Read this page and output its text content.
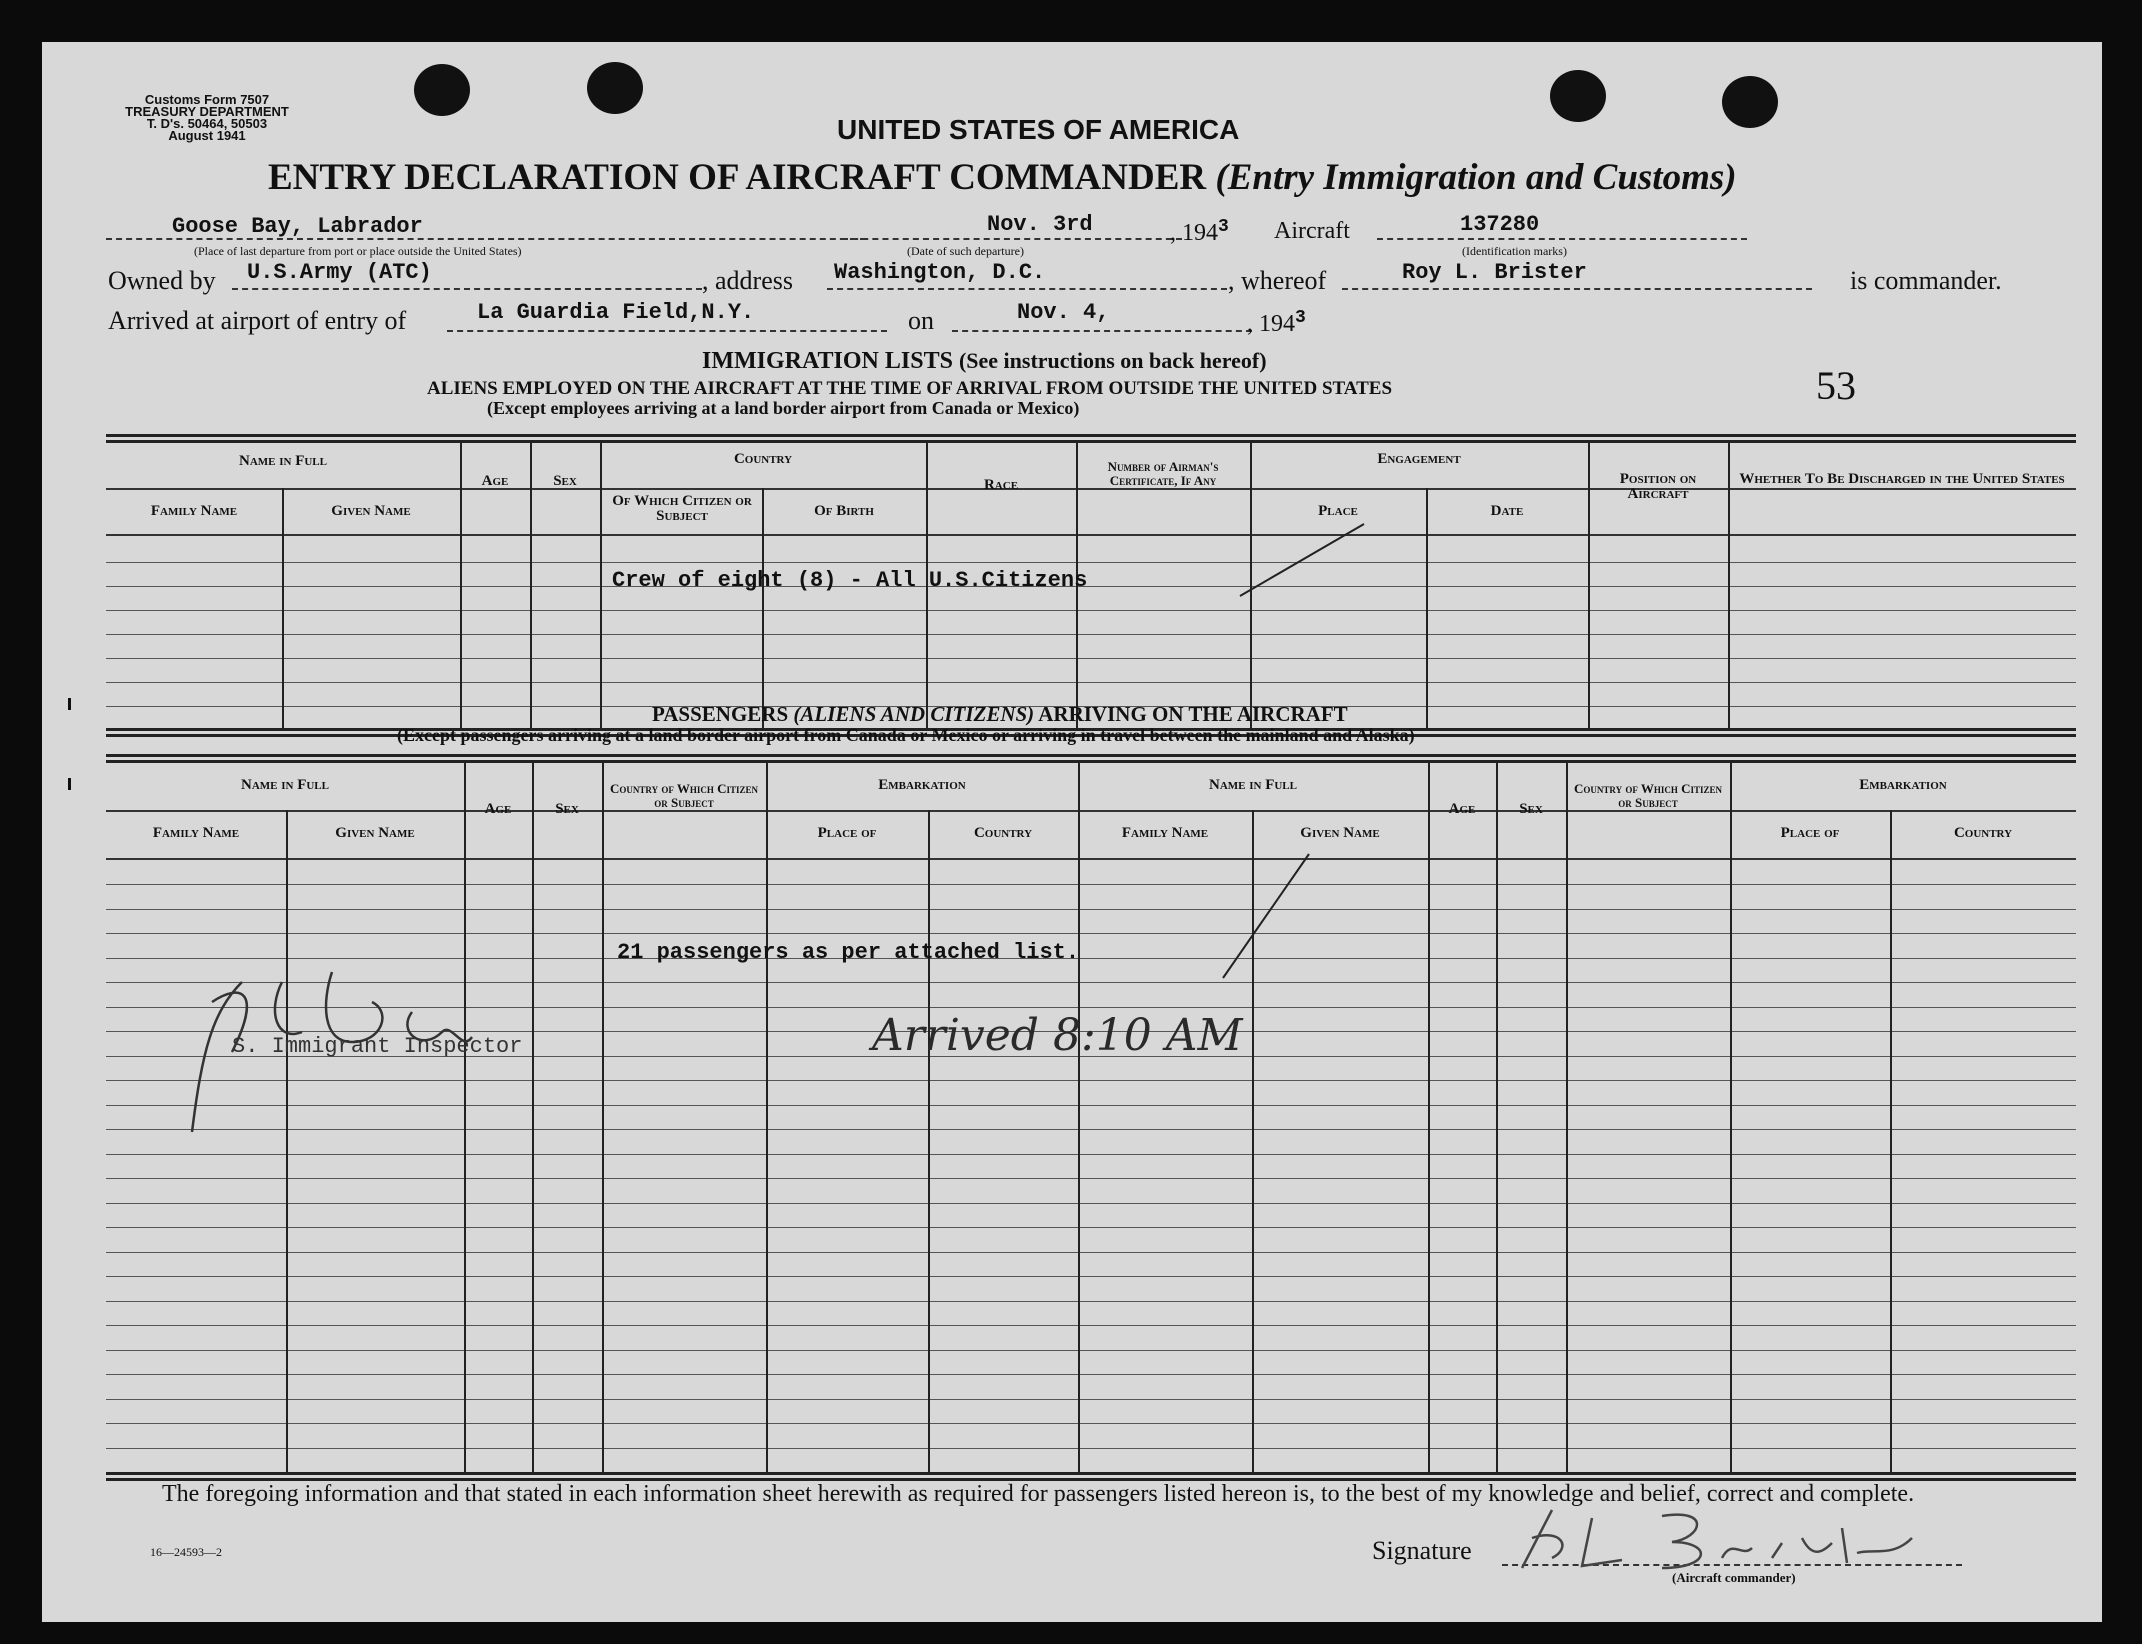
Customs Form 7507
TREASURY DEPARTMENT
T. D's. 50464, 50503
August 1941	UNITED STATES OF AMERICA
ENTRY DECLARATION OF AIRCRAFT COMMANDER (Entry Immigration and Customs)
Goose Bay, Labrador
(Place of last departure from port or place outside the United States)
Nov. 3rd
(Date of such departure)
, $194^3$ Aircraft	137280
(Identification marks)
Owned by U.S.Army (ATC)	, address Washington, D.C.	, whereof	Roy L. Brister	is commander.
Arrived at airport of entry of	La Guardia Field,N.Y.	on	Nov. 4,	, $194^3$
IMMIGRATION LISTS (See instructions on back hereof)
ALIENS EMPLOYED ON THE AIRCRAFT AT THE TIME OF ARRIVAL FROM OUTSIDE THE UNITED STATES
(Except employees arriving at a land border airport from Canada or Mexico)	53
Name in Full
Family Name	Given Name
Age	Sex
Country
Of Which Citizen or Subject	Of Birth
Race
Number of Airman's Certificate, If Any
Engagement
Place	Date
Position on Aircraft
Whether To Be Discharged in the United States
Crew of eight (8) - All U.S.Citizens
PASSENGERS (ALIENS AND CITIZENS) ARRIVING ON THE AIRCRAFT
(Except passengers arriving at a land border airport from Canada or Mexico or arriving in travel between the mainland and Alaska)
Name in Full
Family Name	Given Name
Age	Sex
Country of Which Citizen or Subject
Embarkation
Place of	Country
Name in Full
Family Name	Given Name
Age	Sex
Country of Which Citizen or Subject
Embarkation
Place of	Country
21 passengers as per attached list.
S. Immigrant Inspector	Arrived 8:10 AM
The foregoing information and that stated in each information sheet herewith as required for passengers listed hereon is, to the best of my knowledge and belief, correct and complete.
16—24593—2	Signature
(Aircraft commander)
